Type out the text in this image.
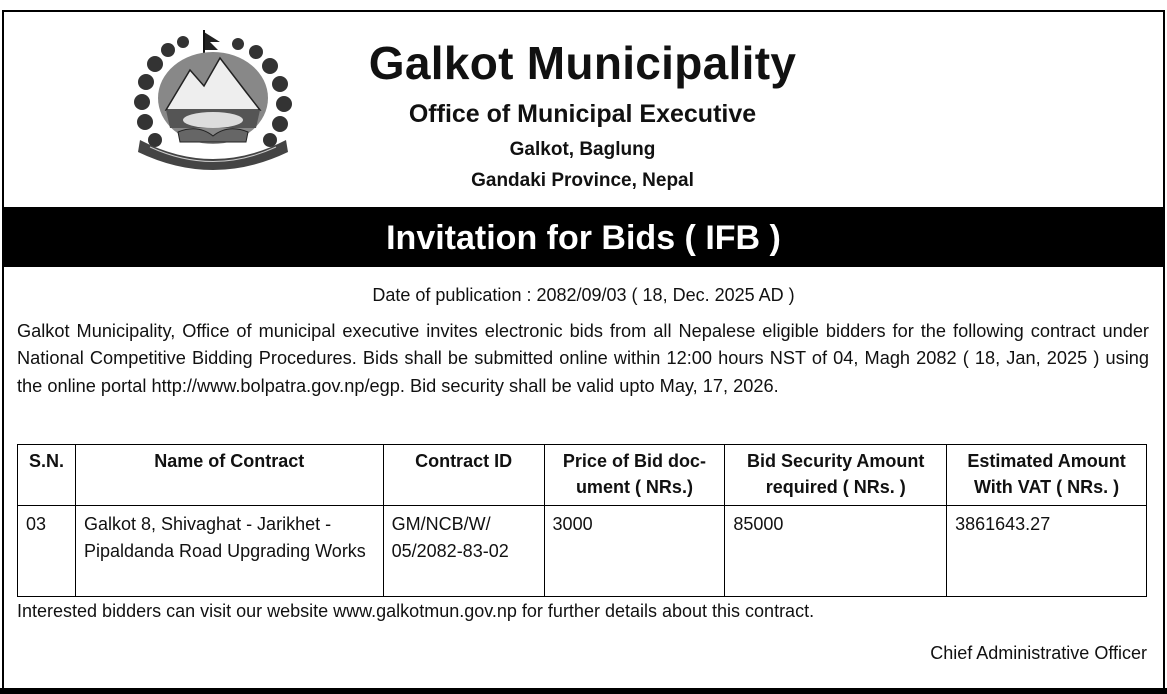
Galkot Municipality
Office of Municipal Executive
Galkot, Baglung
Gandaki Province, Nepal
Invitation for Bids ( IFB )
Date of publication : 2082/09/03 ( 18, Dec. 2025 AD )

Galkot Municipality, Office of municipal executive invites electronic bids from all Nepalese eligible bidders for the following contract under National Competitive Bidding Procedures. Bids shall be submitted online within 12:00 hours NST of 04, Magh 2082 ( 18, Jan, 2025 ) using the online portal http://www.bolpatra.gov.np/egp. Bid security shall be valid upto May, 17, 2026.

S.N.	Name of Contract	Contract ID	Price of Bid document ( NRs.)	Bid Security Amount required ( NRs. )	Estimated Amount With VAT ( NRs. )
03	Galkot 8, Shivaghat - Jarikhet -Pipaldanda Road Upgrading Works	GM/NCB/W/ 05/2082-83-02	3000	85000	3861643.27
Interested bidders can visit our website www.galkotmun.gov.np for further details about this contract.
Chief Administrative Officer
